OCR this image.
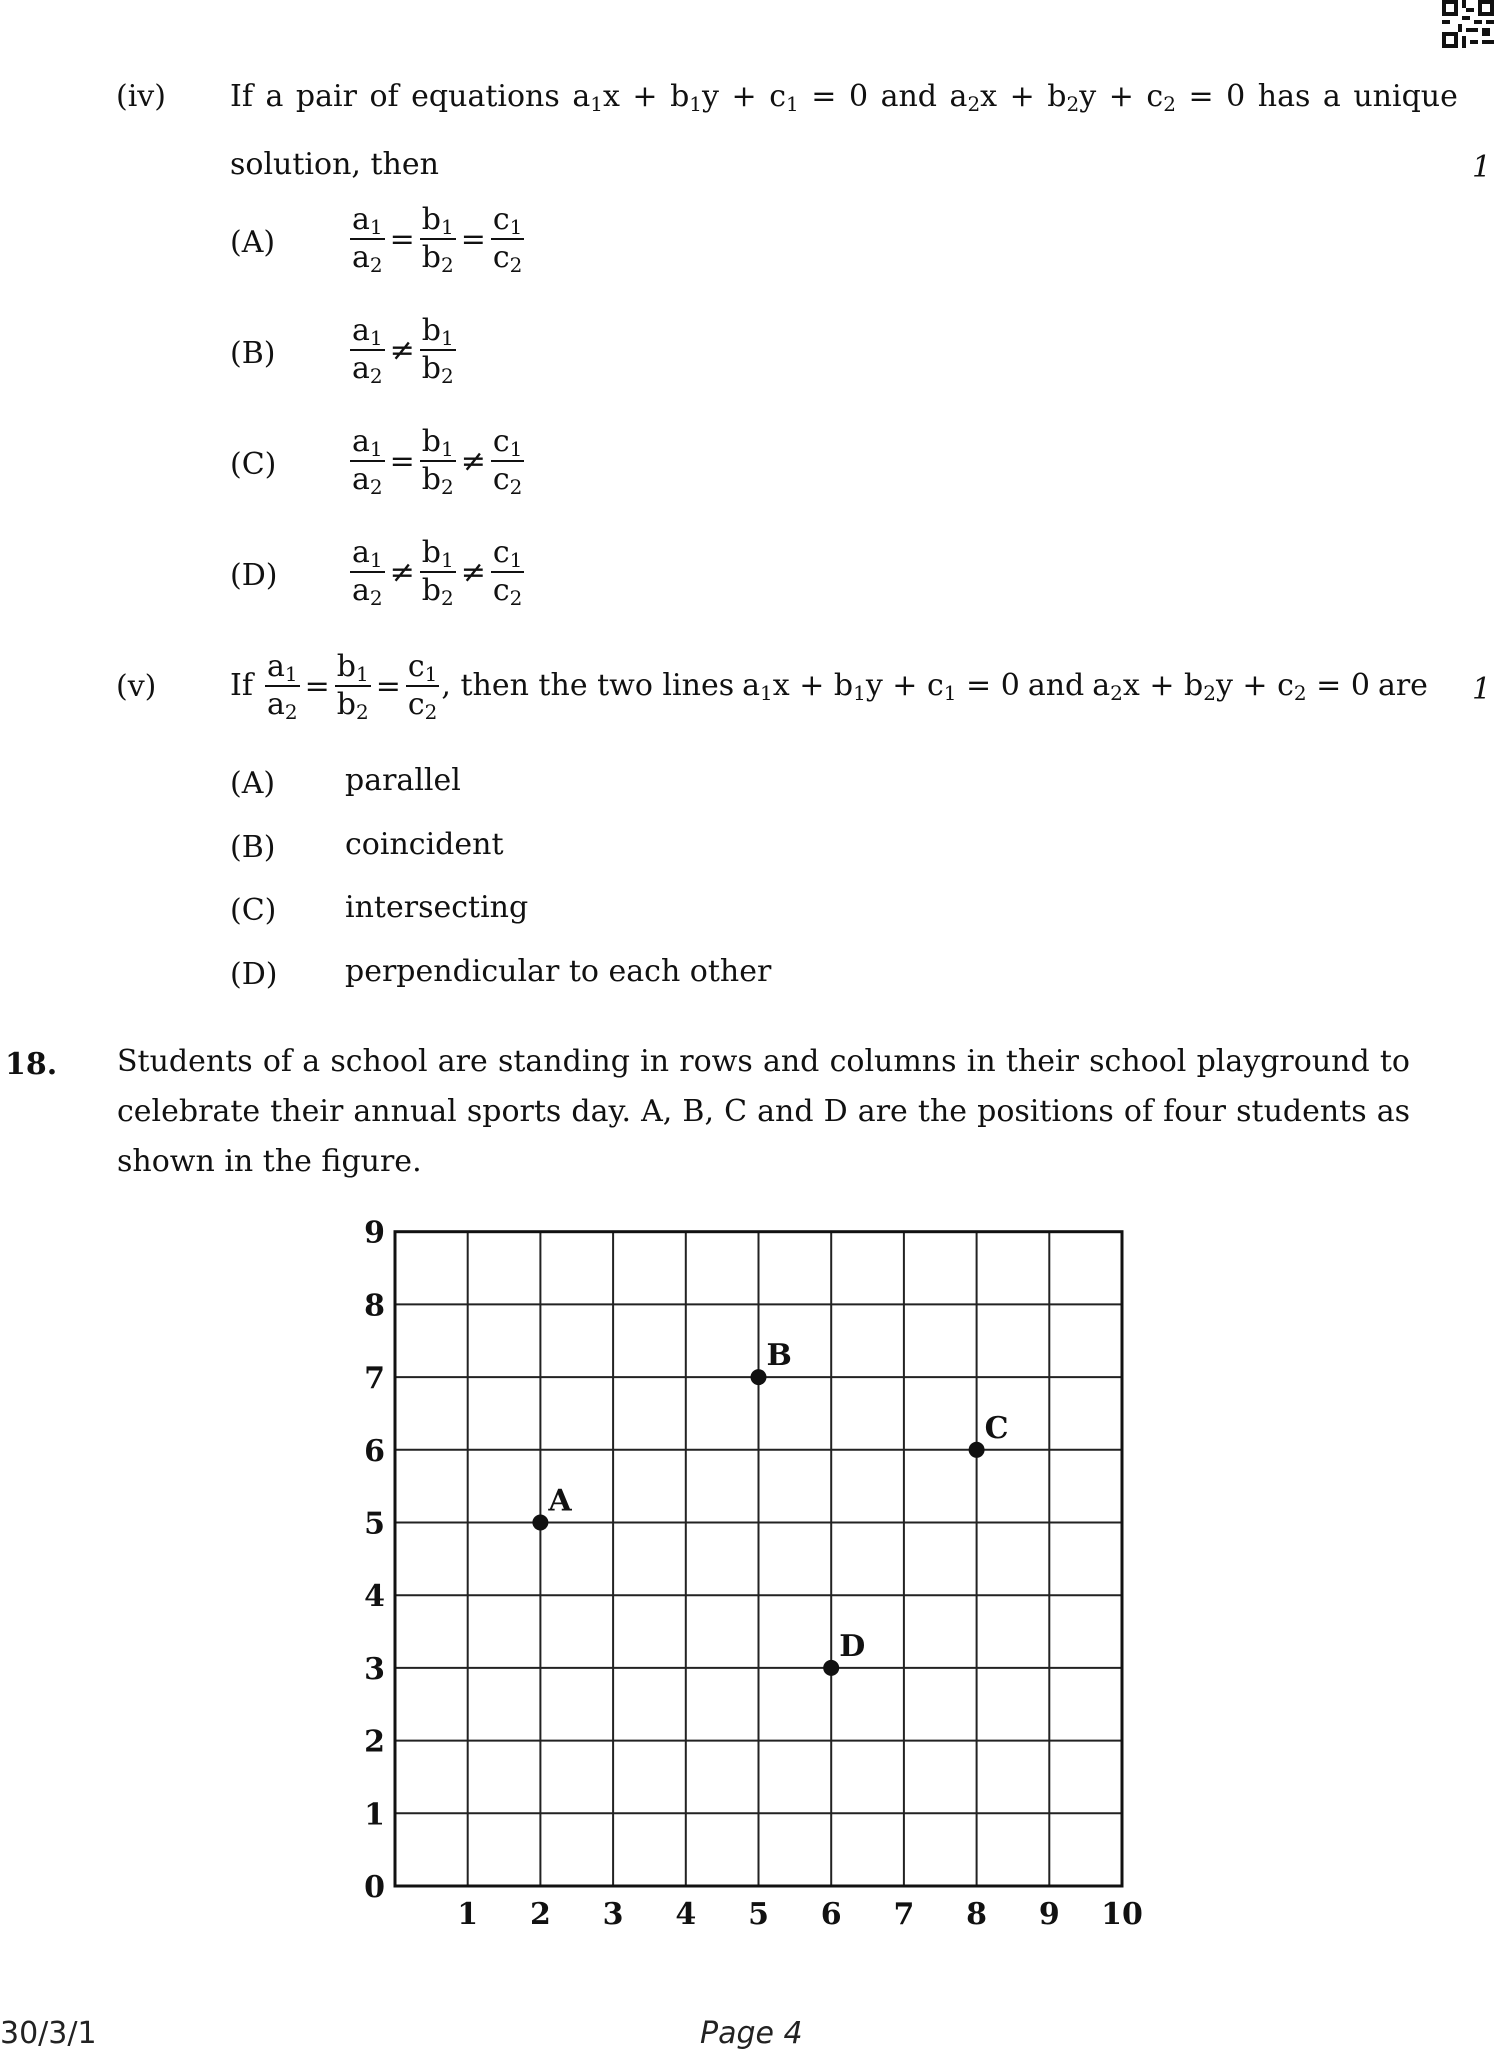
(iv) If a pair of equations $a_1x + b_1y + c_1 = 0$ and $a_2x + b_2y + c_2 = 0$ has a unique
solution, then	1
$(A) \frac{a_1}{a_2} = \frac{b_1}{b_2} = \frac{c_1}{c_2}$
$(B) \frac{a_1}{a_2} \ne \frac{b_1}{b_2}$
$(C) \frac{a_1}{a_2} = \frac{b_1}{b_2} \ne \frac{c_1}{c_2}$
$(D) \frac{a_1}{a_2} \ne \frac{b_1}{b_2} \ne \frac{c_1}{c_2}$
(v) If $\frac{a_1}{a_2} = \frac{b_1}{b_2} = \frac{c_1}{c_2}$ , then the two lines $a_1x + b_1y + c_1 = 0$ and $a_2x + b_2y + c_2 = 0$ are 1
(A) parallel
(B) coincident
(C) intersecting
(D) perpendicular to each other
18. Students of a school are standing in rows and columns in their school playground to celebrate their annual sports day. A, B, C and D are the positions of four students as shown in the figure.
1 2 3 4 5 6 7 8 9 10
0
1
2
3
4
5
6
7
8
9
A
B
C
D
30/3/1	Page 4
